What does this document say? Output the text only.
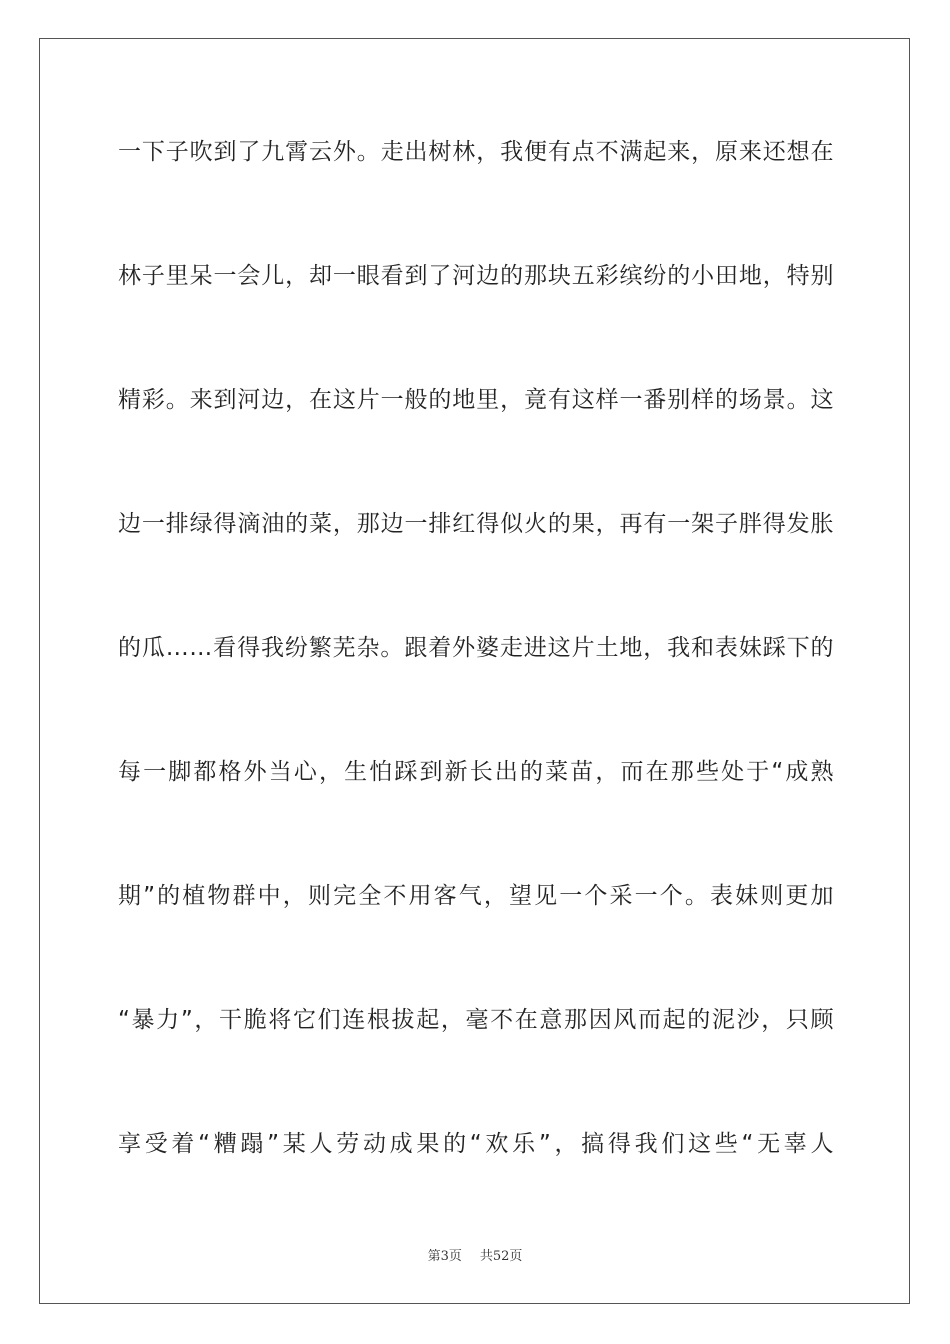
一下子吹到了九霄云外。走出树林，我便有点不满起来，原来还想在

林子里呆一会儿，却一眼看到了河边的那块五彩缤纷的小田地，特别

精彩。来到河边，在这片一般的地里，竟有这样一番别样的场景。这

边一排绿得滴油的菜，那边一排红得似火的果，再有一架子胖得发胀

的瓜……看得我纷繁芜杂。跟着外婆走进这片土地，我和表妹踩下的

每一脚都格外当心，生怕踩到新长出的菜苗，而在那些处于“成熟

期”的植物群中，则完全不用客气，望见一个采一个。表妹则更加

“暴力”，干脆将它们连根拔起，毫不在意那因风而起的泥沙，只顾

享受着“糟蹋”某人劳动成果的“欢乐”，搞得我们这些“无辜人

第3页 共52页
